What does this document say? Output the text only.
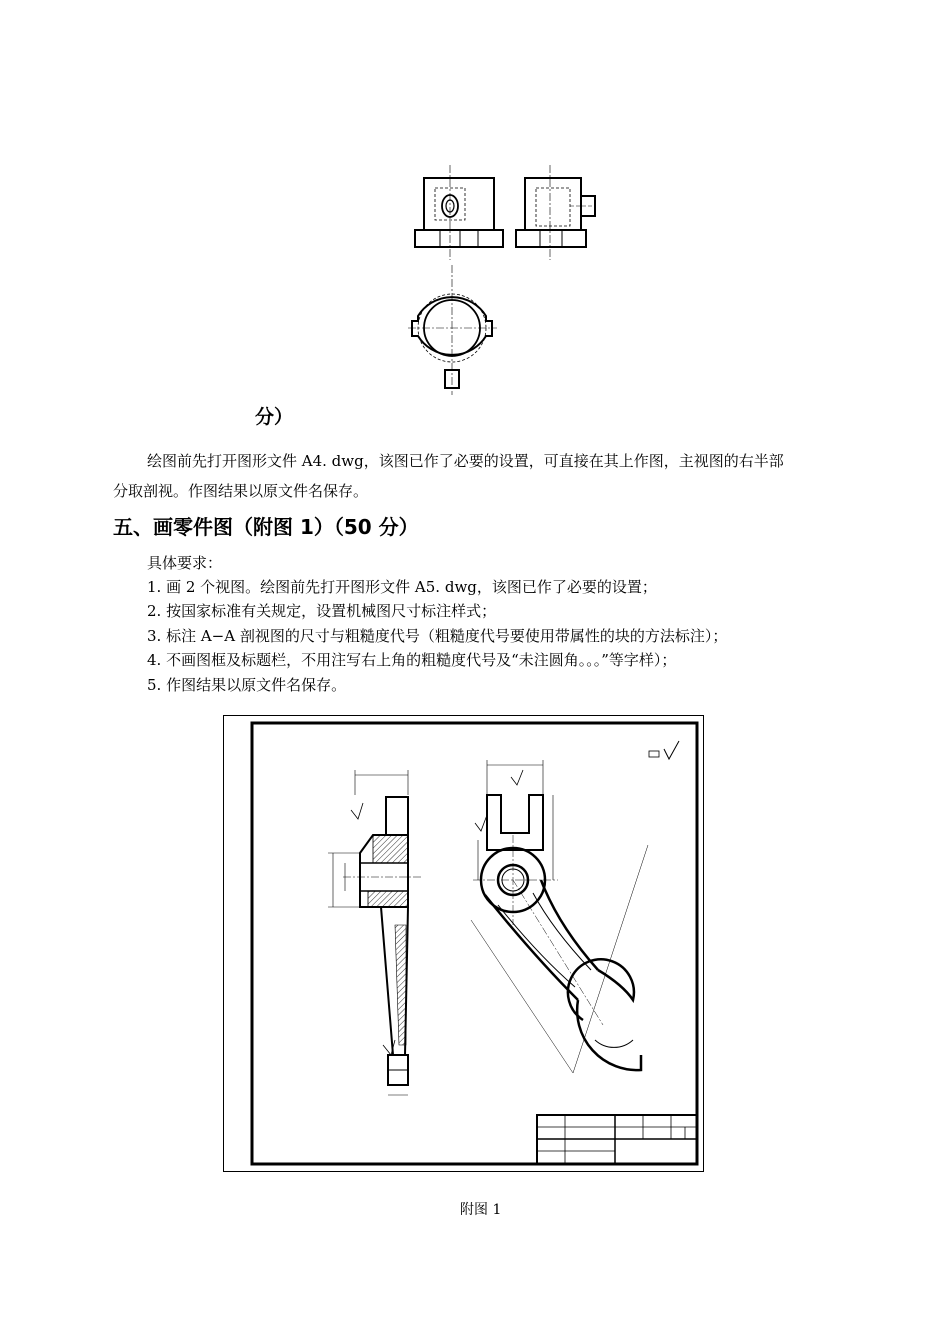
分）
绘图前先打开图形文件 A4. dwg，该图已作了必要的设置，可直接在其上作图，主视图的右半部
分取剖视。作图结果以原文件名保存。
五、画零件图（附图 1）（50 分）
具体要求：
1. 画 2 个视图。绘图前先打开图形文件 A5. dwg，该图已作了必要的设置；
2. 按国家标准有关规定，设置机械图尺寸标注样式；
3. 标注 A−A 剖视图的尺寸与粗糙度代号（粗糙度代号要使用带属性的块的方法标注）；
4. 不画图框及标题栏，不用注写右上角的粗糙度代号及“未注圆角。。。”等字样）；
5. 作图结果以原文件名保存。
附图 1
